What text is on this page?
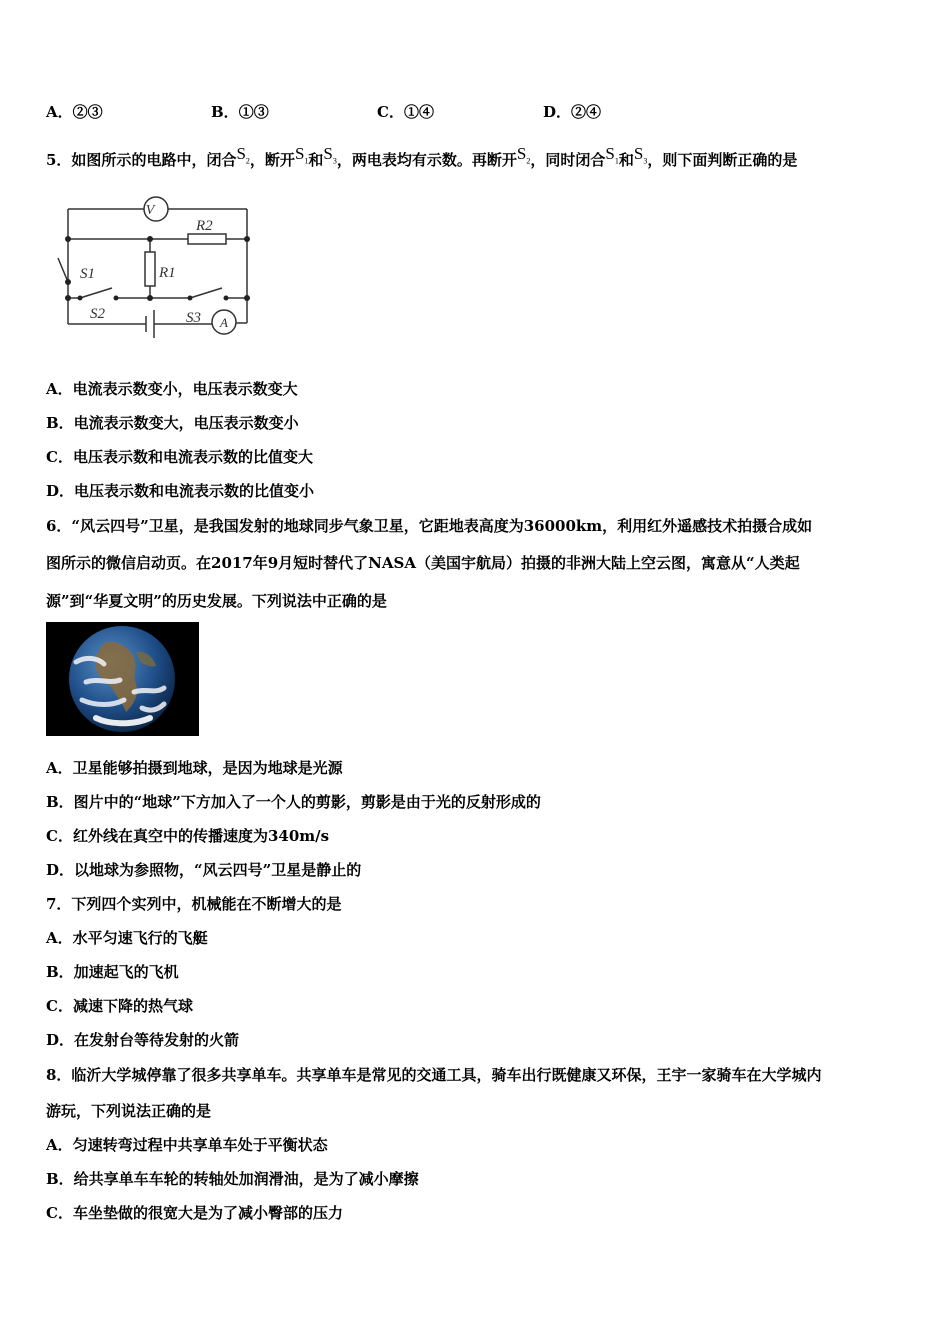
A．②③	B．①③	C．①④	D．②④
5．如图所示的电路中，闭合$S_2$，断开$S_1$和$S_3$，两电表均有示数。再断开$S_2$，同时闭合$S_1$和$S_3$，则下面判断正确的是
V
A
R2
R1
S1
S2	S3
A．电流表示数变小，电压表示数变大
B．电流表示数变大，电压表示数变小
C．电压表示数和电流表示数的比值变大
D．电压表示数和电流表示数的比值变小
6．“风云四号”卫星，是我国发射的地球同步气象卫星，它距地表高度为36000km，利用红外遥感技术拍摄合成如
图所示的微信启动页。在2017年9月短时替代了NASA（美国宇航局）拍摄的非洲大陆上空云图，寓意从“人类起
源”到“华夏文明”的历史发展。下列说法中正确的是
A．卫星能够拍摄到地球，是因为地球是光源
B．图片中的“地球”下方加入了一个人的剪影，剪影是由于光的反射形成的
C．红外线在真空中的传播速度为340m/s
D．以地球为参照物，“风云四号”卫星是静止的
7．下列四个实列中，机械能在不断增大的是
A．水平匀速飞行的飞艇
B．加速起飞的飞机
C．减速下降的热气球
D．在发射台等待发射的火箭
8．临沂大学城停靠了很多共享单车。共享单车是常见的交通工具，骑车出行既健康又环保，王宇一家骑车在大学城内
游玩，下列说法正确的是
A．匀速转弯过程中共享单车处于平衡状态
B．给共享单车车轮的转轴处加润滑油，是为了减小摩擦
C．车坐垫做的很宽大是为了减小臀部的压力
